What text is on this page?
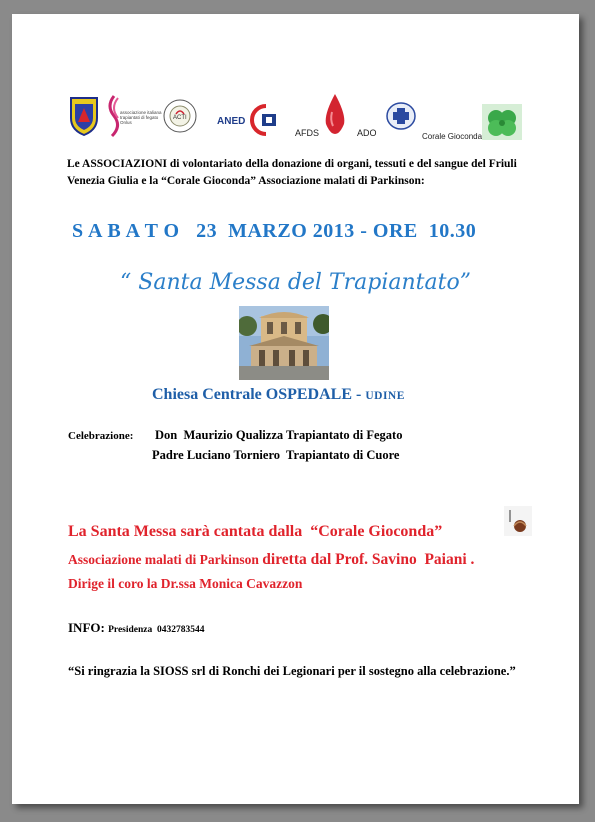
associazione italiana trapiantati di fegato Onlus
ACTI	ANED
AFDS	ADO	Corale Gioconda
Le ASSOCIAZIONI di volontariato della donazione di organi, tessuti e del sangue del Friuli Venezia Giulia e la “Corale Gioconda” Associazione malati di Parkinson:
S A B A T O   23  MARZO 2013 - ORE  10.30
“ Santa Messa del Trapiantato”
Chiesa Centrale OSPEDALE - UDINE
Celebrazione: Don  Maurizio Qualizza Trapiantato di Fegato
Padre Luciano Torniero  Trapiantato di Cuore
La Santa Messa sarà cantata dalla  “Corale Gioconda”
Associazione malati di Parkinson diretta dal Prof. Savino  Paiani .
Dirige il coro la Dr.ssa Monica Cavazzon
INFO: Presidenza  0432783544
“Si ringrazia la SIOSS srl di Ronchi dei Legionari per il sostegno alla celebrazione.”
